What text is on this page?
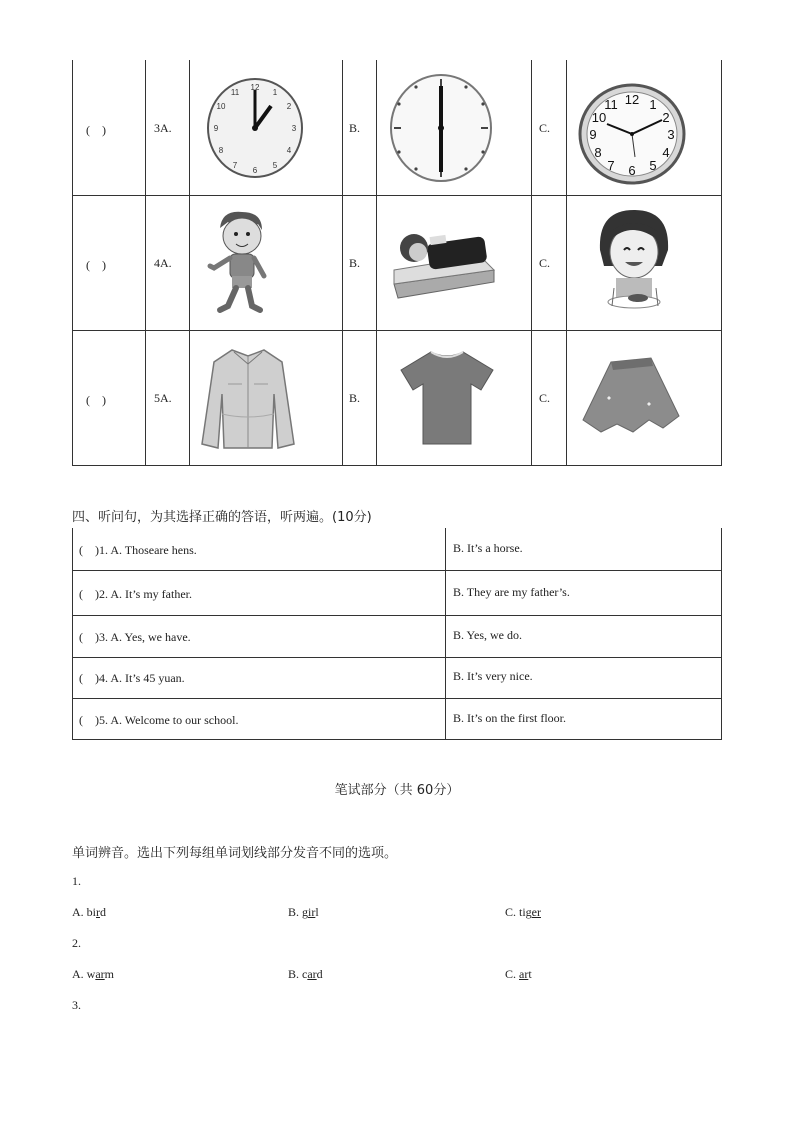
(　)	3A.	B.	C.
12
1
2
3
4
5
6
7
8
9
10
11	12 1
2
3
4
5
6
7
8
9
10
11
(　)	4A.	B.	C.
(　)	5A.	B.	C.
四、听问句，为其选择正确的答语，听两遍。(10分)
(　)1. A. Thoseare hens.	B. It’s a horse.
(　)2. A. It’s my father.	B. They are my father’s.
(　)3. A. Yes, we have.	B. Yes, we do.
(　)4. A. It’s 45 yuan.	B. It’s very nice.
(　)5. A. Welcome to our school.	B. It’s on the first floor.
笔试部分（共 60分）
单词辨音。选出下列每组单词划线部分发音不同的选项。
1.
A. bird	B. girl	C. tiger
2.
A. warm	B. card	C. art
3.
